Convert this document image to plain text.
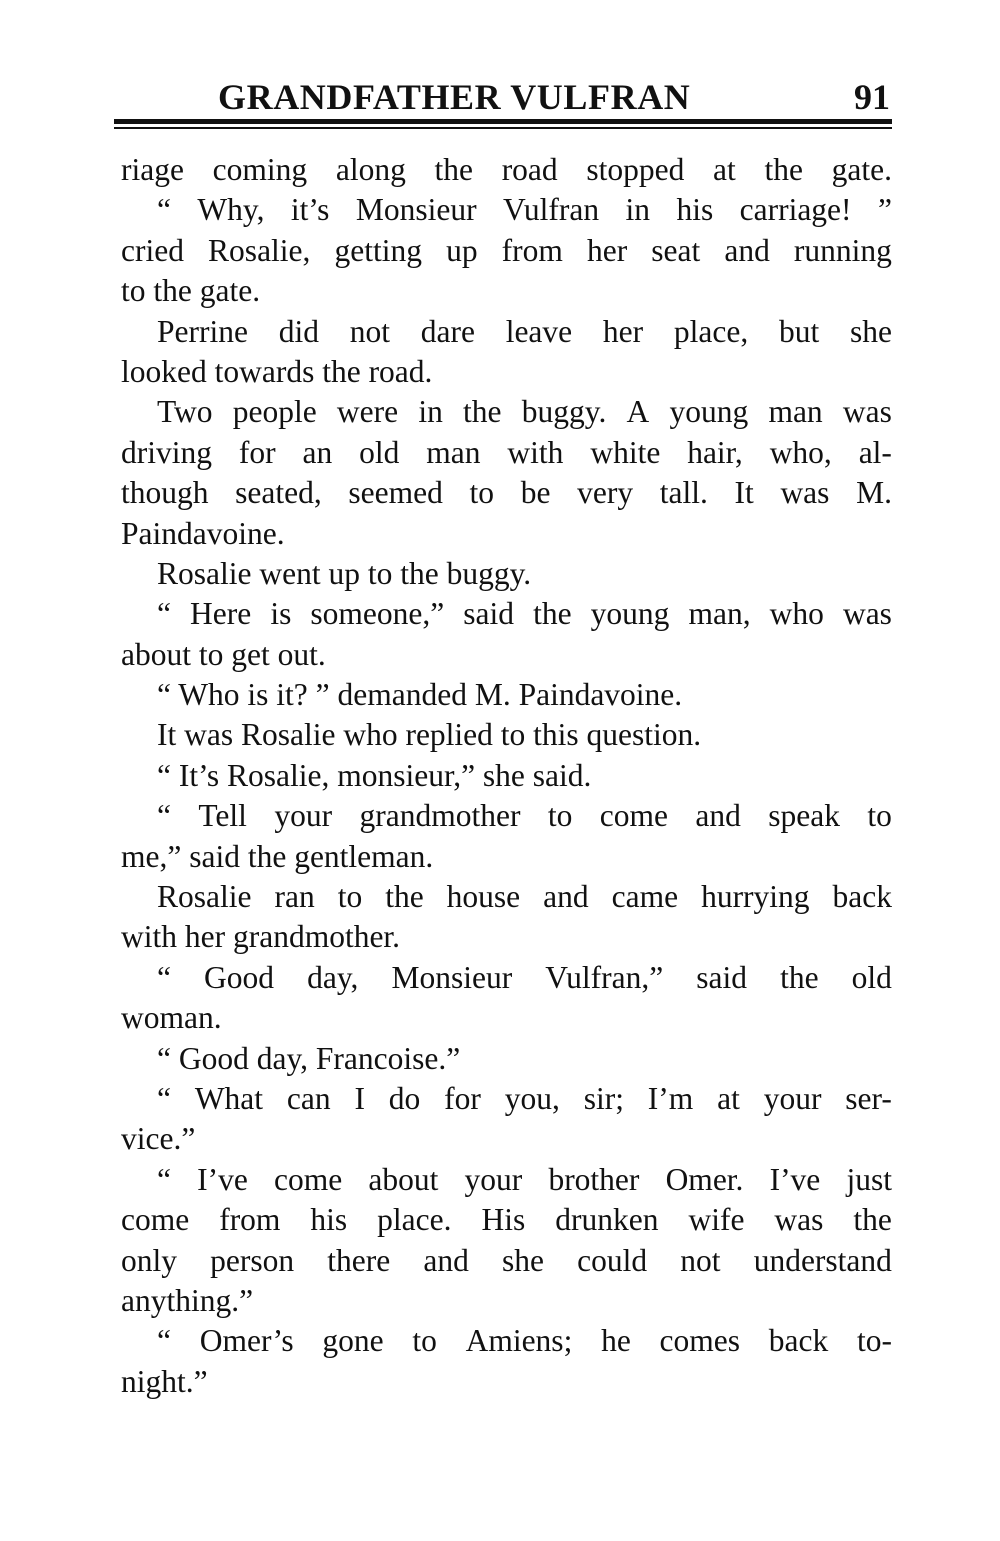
GRANDFATHER VULFRAN	91
riage coming along the road stopped at the gate.
“ Why, it’s Monsieur Vulfran in his carriage! ”
cried Rosalie, getting up from her seat and running
to the gate.
Perrine did not dare leave her place, but she
looked towards the road.
Two people were in the buggy. A young man was
driving for an old man with white hair, who, al-
though seated, seemed to be very tall. It was M.
Paindavoine.
Rosalie went up to the buggy.
“ Here is someone,” said the young man, who was
about to get out.
“ Who is it? ” demanded M. Paindavoine.
It was Rosalie who replied to this question.
“ It’s Rosalie, monsieur,” she said.
“ Tell your grandmother to come and speak to
me,” said the gentleman.
Rosalie ran to the house and came hurrying back
with her grandmother.
“ Good day, Monsieur Vulfran,” said the old
woman.
“ Good day, Francoise.”
“ What can I do for you, sir; I’m at your ser-
vice.”
“ I’ve come about your brother Omer. I’ve just
come from his place. His drunken wife was the
only person there and she could not understand
anything.”
“ Omer’s gone to Amiens; he comes back to-
night.”
